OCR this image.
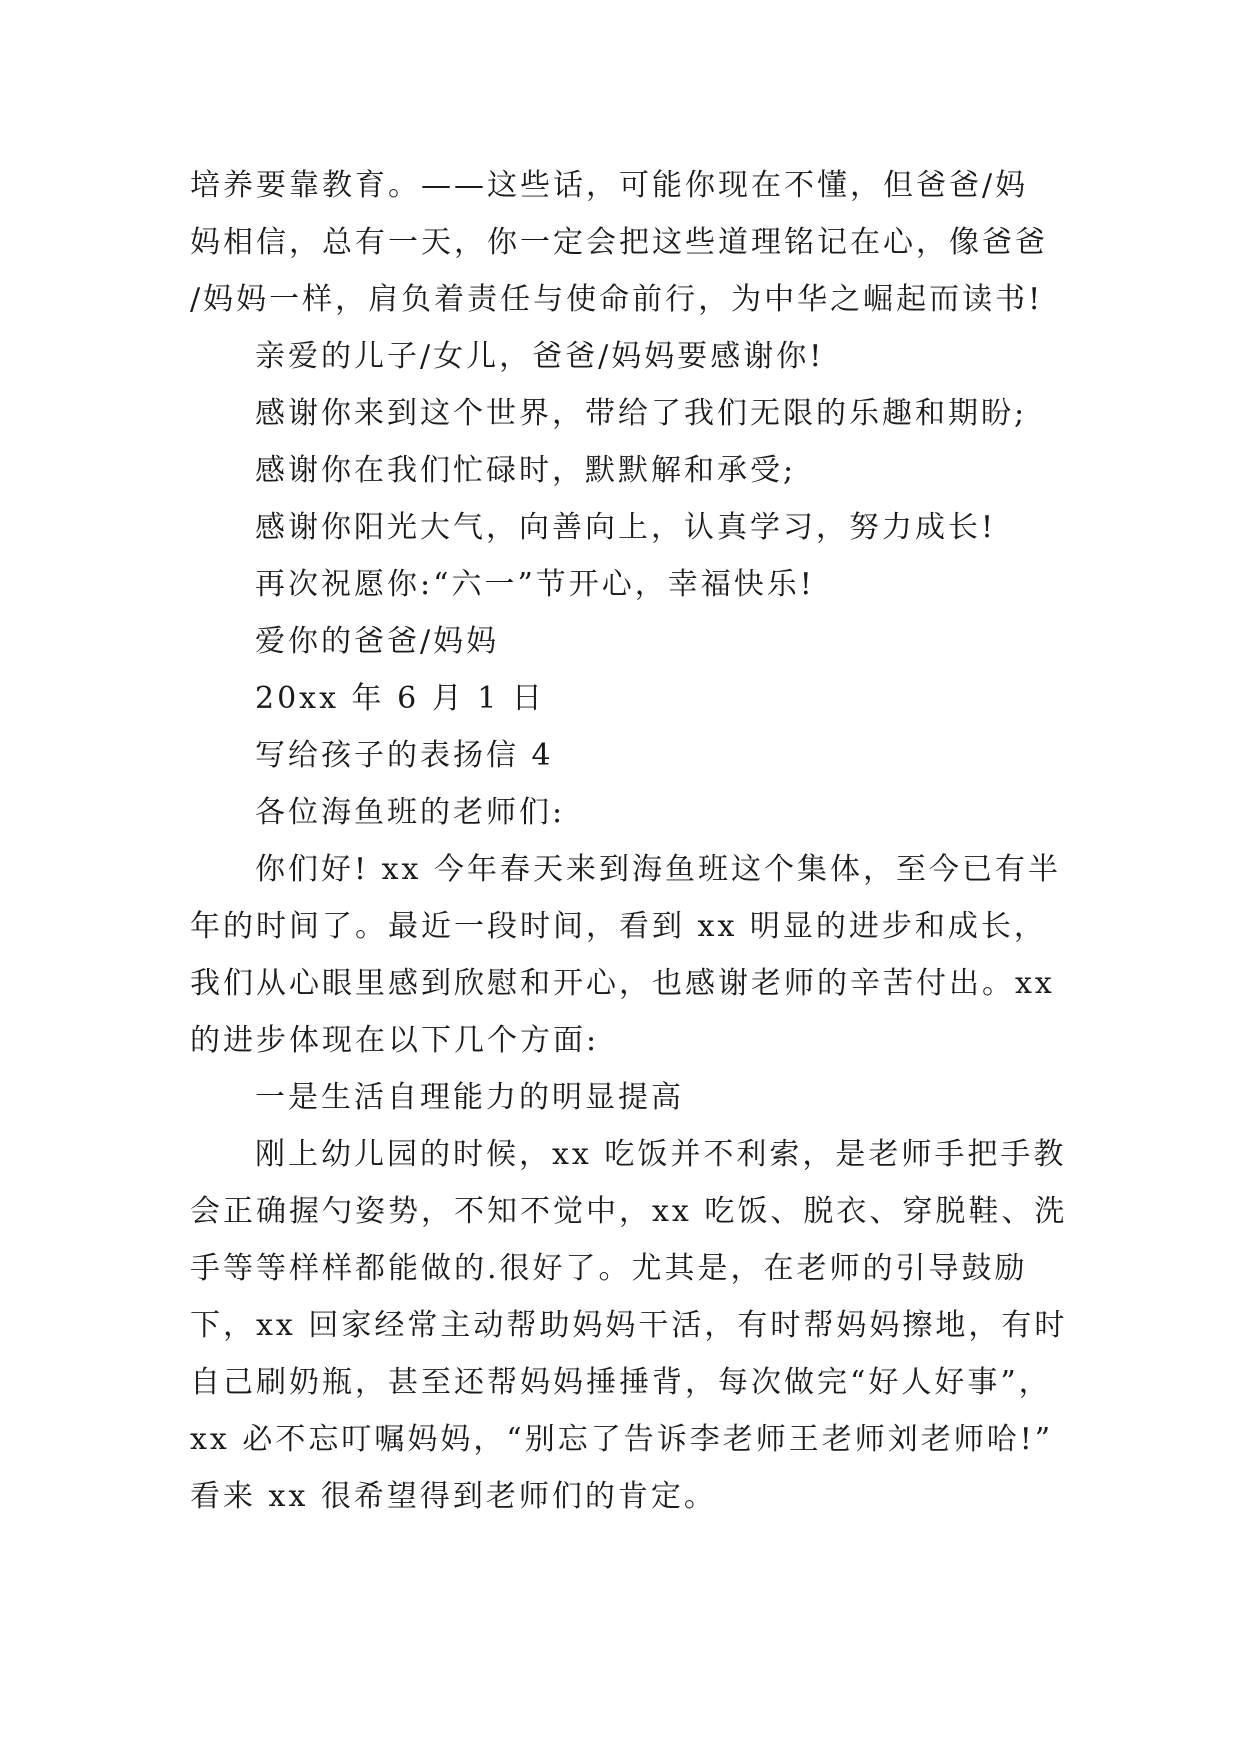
培养要靠教育。——这些话，可能你现在不懂，但爸爸/妈
妈相信，总有一天，你一定会把这些道理铭记在心，像爸爸
/妈妈一样，肩负着责任与使命前行，为中华之崛起而读书!
亲爱的儿子/女儿，爸爸/妈妈要感谢你!
感谢你来到这个世界，带给了我们无限的乐趣和期盼;
感谢你在我们忙碌时，默默解和承受;
感谢你阳光大气，向善向上，认真学习，努力成长!
再次祝愿你:“六一”节开心，幸福快乐!
爱你的爸爸/妈妈
20xx 年 6 月 1 日
写给孩子的表扬信 4
各位海鱼班的老师们:
你们好! xx 今年春天来到海鱼班这个集体，至今已有半
年的时间了。最近一段时间，看到 xx 明显的进步和成长，
我们从心眼里感到欣慰和开心，也感谢老师的辛苦付出。xx
的进步体现在以下几个方面:
一是生活自理能力的明显提高
刚上幼儿园的时候，xx 吃饭并不利索，是老师手把手教
会正确握勺姿势，不知不觉中，xx 吃饭、脱衣、穿脱鞋、洗
手等等样样都能做的.很好了。尤其是，在老师的引导鼓励
下，xx 回家经常主动帮助妈妈干活，有时帮妈妈擦地，有时
自己刷奶瓶，甚至还帮妈妈捶捶背，每次做完“好人好事”，
xx 必不忘叮嘱妈妈，“别忘了告诉李老师王老师刘老师哈!”
看来 xx 很希望得到老师们的肯定。
